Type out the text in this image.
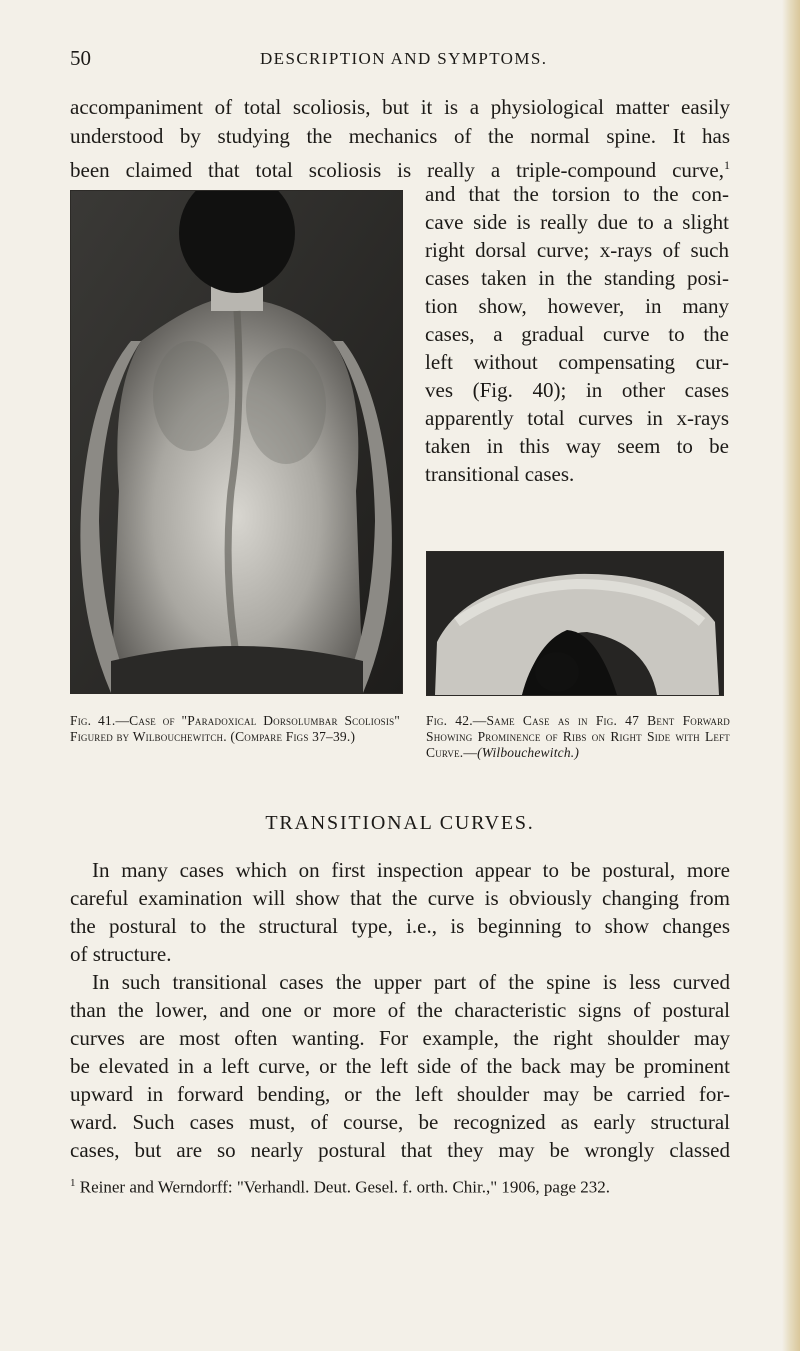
50	DESCRIPTION AND SYMPTOMS.
accompaniment of total scoliosis, but it is a physiological matter easily
understood by studying the mechanics of the normal spine. It has
been claimed that total scoliosis is really a triple-compound curve,$^1$
and that the torsion to the con-
cave side is really due to a slight
right dorsal curve; x-rays of such
cases taken in the standing posi-
tion show, however, in many
cases, a gradual curve to the
left without compensating cur-
ves (Fig. 40); in other cases
apparently total curves in x-rays
taken in this way seem to be
transitional cases.
Fig. 41.—Case of "Paradoxical Dorsolumbar Scoliosis" Figured by Wilbouchewitch. (Compare Figs 37–39.)
Fig. 42.—Same Case as in Fig. 47 Bent Forward Showing Prominence of Ribs on Right Side with Left Curve.—(Wilbouchewitch.)
TRANSITIONAL CURVES.
In many cases which on first inspection appear to be postural, more
careful examination will show that the curve is obviously changing from
the postural to the structural type, i.e., is beginning to show changes
of structure.
In such transitional cases the upper part of the spine is less curved
than the lower, and one or more of the characteristic signs of postural
curves are most often wanting. For example, the right shoulder may
be elevated in a left curve, or the left side of the back may be prominent
upward in forward bending, or the left shoulder may be carried for-
ward. Such cases must, of course, be recognized as early structural
cases, but are so nearly postural that they may be wrongly classed
$^1$ Reiner and Werndorff: "Verhandl. Deut. Gesel. f. orth. Chir.," 1906, page 232.
